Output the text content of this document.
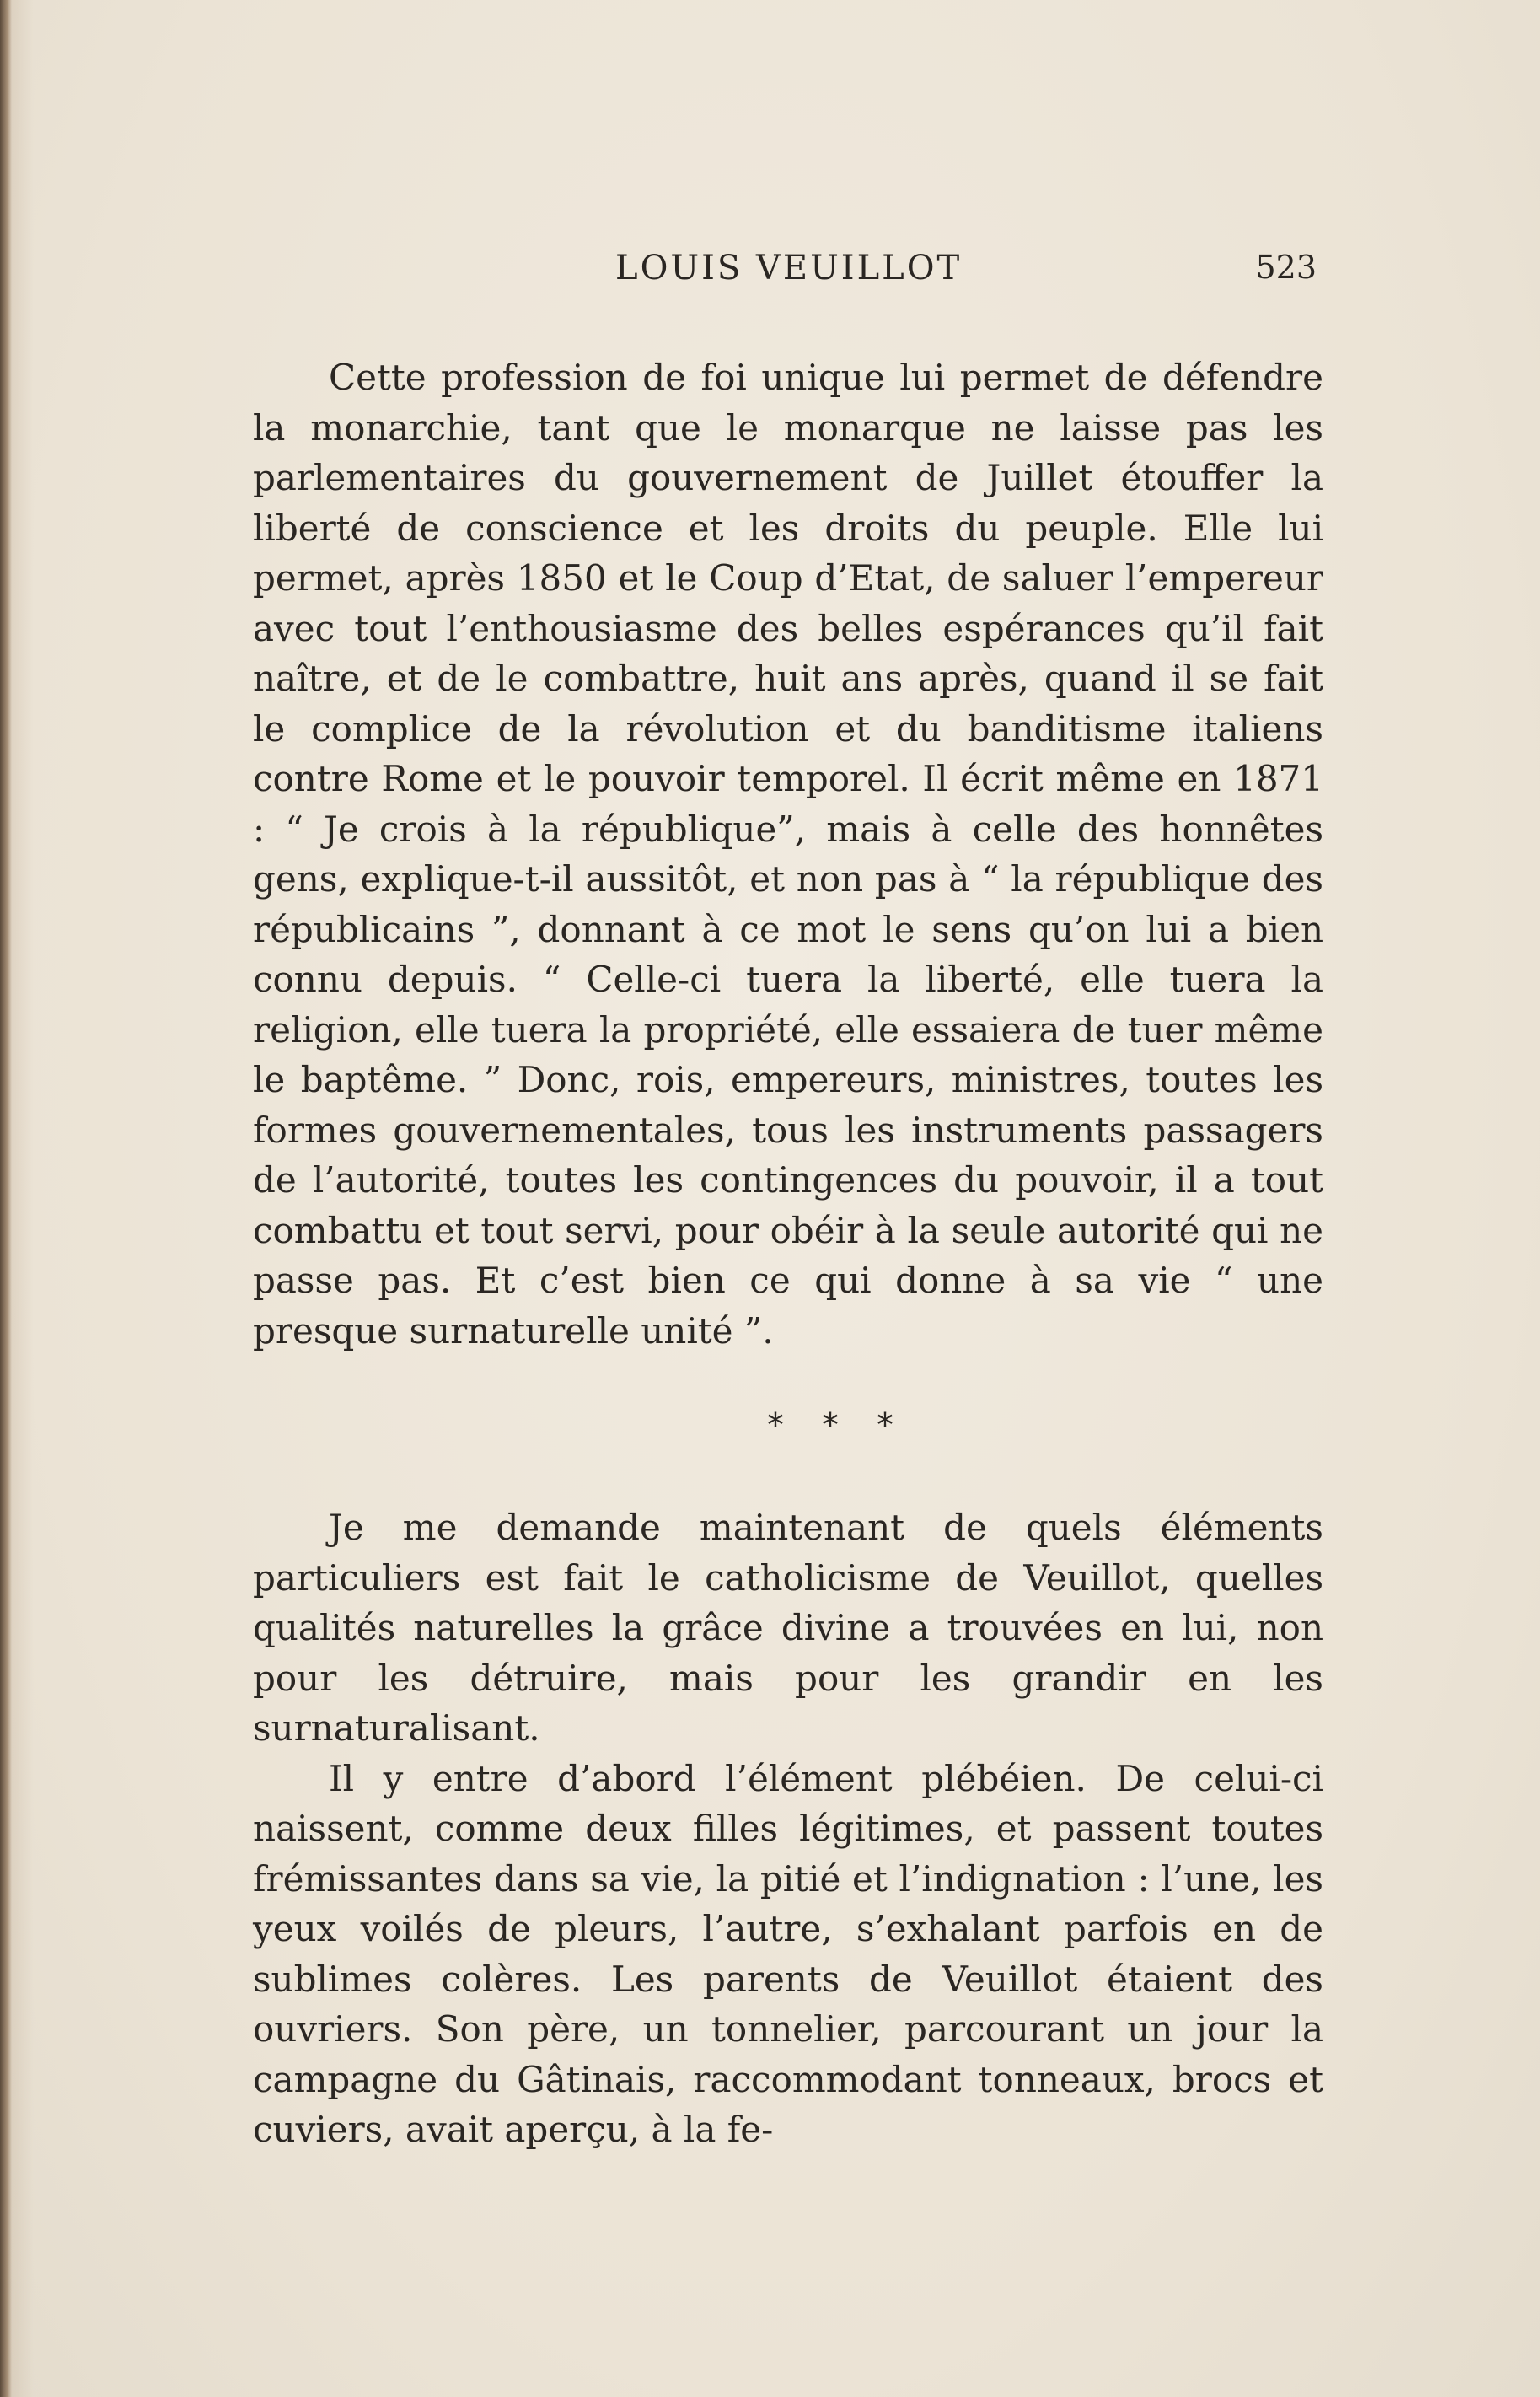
LOUIS VEUILLOT	523

Cette profession de foi unique lui permet de défendre la monarchie, tant que le monarque ne laisse pas les parlementaires du gouvernement de Juillet étouffer la liberté de conscience et les droits du peuple. Elle lui permet, après 1850 et le Coup d’Etat, de saluer l’empereur avec tout l’enthousiasme des belles espérances qu’il fait naître, et de le combattre, huit ans après, quand il se fait le complice de la révolution et du banditisme italiens contre Rome et le pouvoir temporel. Il écrit même en 1871 : “ Je crois à la république”, mais à celle des honnêtes gens, explique-t-il aussitôt, et non pas à “ la république des républicains ”, donnant à ce mot le sens qu’on lui a bien connu depuis. “ Celle-ci tuera la liberté, elle tuera la religion, elle tuera la propriété, elle essaiera de tuer même le baptême. ” Donc, rois, empereurs, ministres, toutes les formes gouvernementales, tous les instruments passagers de l’autorité, toutes les contingences du pouvoir, il a tout combattu et tout servi, pour obéir à la seule autorité qui ne passe pas. Et c’est bien ce qui donne à sa vie “ une presque surnaturelle unité ”.

* * *

Je me demande maintenant de quels éléments particuliers est fait le catholicisme de Veuillot, quelles qualités naturelles la grâce divine a trouvées en lui, non pour les détruire, mais pour les grandir en les surnaturalisant.

Il y entre d’abord l’élément plébéien. De celui-ci naissent, comme deux filles légitimes, et passent toutes frémissantes dans sa vie, la pitié et l’indignation : l’une, les yeux voilés de pleurs, l’autre, s’exhalant parfois en de sublimes colères. Les parents de Veuillot étaient des ouvriers. Son père, un tonnelier, parcourant un jour la campagne du Gâtinais, raccommodant tonneaux, brocs et cuviers, avait aperçu, à la fe-
